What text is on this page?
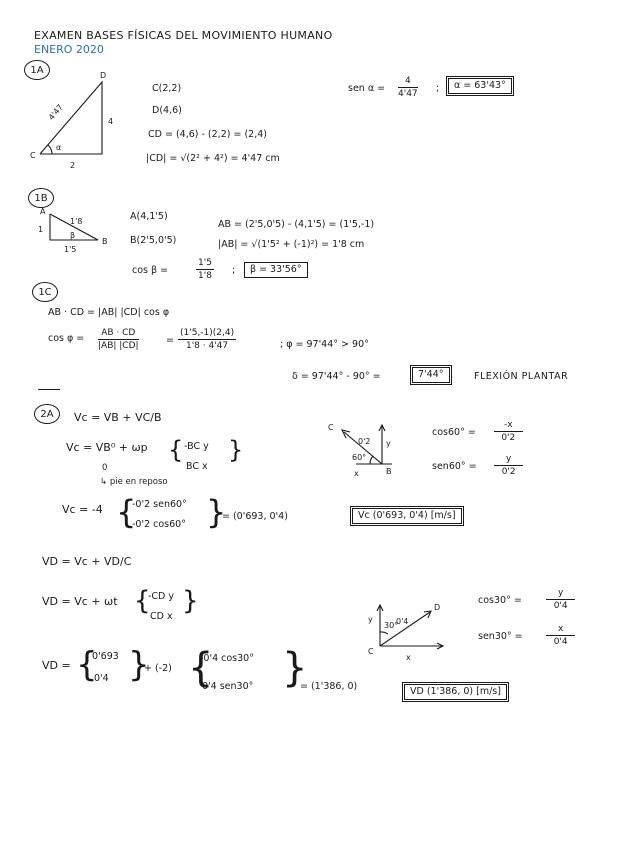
EXAMEN BASES FÍSICAS DEL MOVIMIENTO HUMANO
ENERO 2020
1A
4'47	4
2
α
C
D
C(2,2)
D(4,6)
CD = (4,6) - (2,2) = (2,4)
|CD| = √(2² + 4²) = 4'47 cm
sen $\alpha = \frac{4}{4'47}$ ;	α = 63'43°
1B
A
B
1
1'5
1'8
β
A(4,1'5)
B(2'5,0'5)
AB = (2'5,0'5) - (4,1'5) = (1'5,-1)
|AB| = √(1'5² + (-1)²) = 1'8 cm
cos β =	$\frac{1'5}{1'8}$ ;	β = 33'56°
1C
AB · CD = |AB| |CD| cos φ
$\cos \varphi = \frac{AB \cdot CD}{|AB| |CD|}$	= $\frac{(1'5,-1)(2,4)}{1'8 \cdot 4'47}$	; φ = 97'44° > 90°
δ = 97'44° - 90° =	7'44°	FLEXIÓN PLANTAR
2A	Vc = VB + VC/B
Vc = VB⁰ + ωp { -BC y
BC x
}
0
↳ pie en reposo
Vc = -4 {
-0'2 sen60°
-0'2 cos60° }
= (0'693, 0'4)	Vc (0'693, 0'4) [m/s]
C
B
0'2 y
x
60°
$\cos 60^\circ = \frac{-x}{0'2}$
$sen60^\circ = \frac{y}{0'2}$
VD = Vc + VD/C
VD = Vc + ωt {
-CD y
CD x
}
C
D
0'4
y
x
30°
cos30° =	$\frac{y}{0'4}$
sen30° =	$\frac{x}{0'4}$
VD = {
0'693
0'4 }
+ (-2) {
-0'4 cos30°
0'4 sen30° }
= (1'386, 0)	VD (1'386, 0) [m/s]
